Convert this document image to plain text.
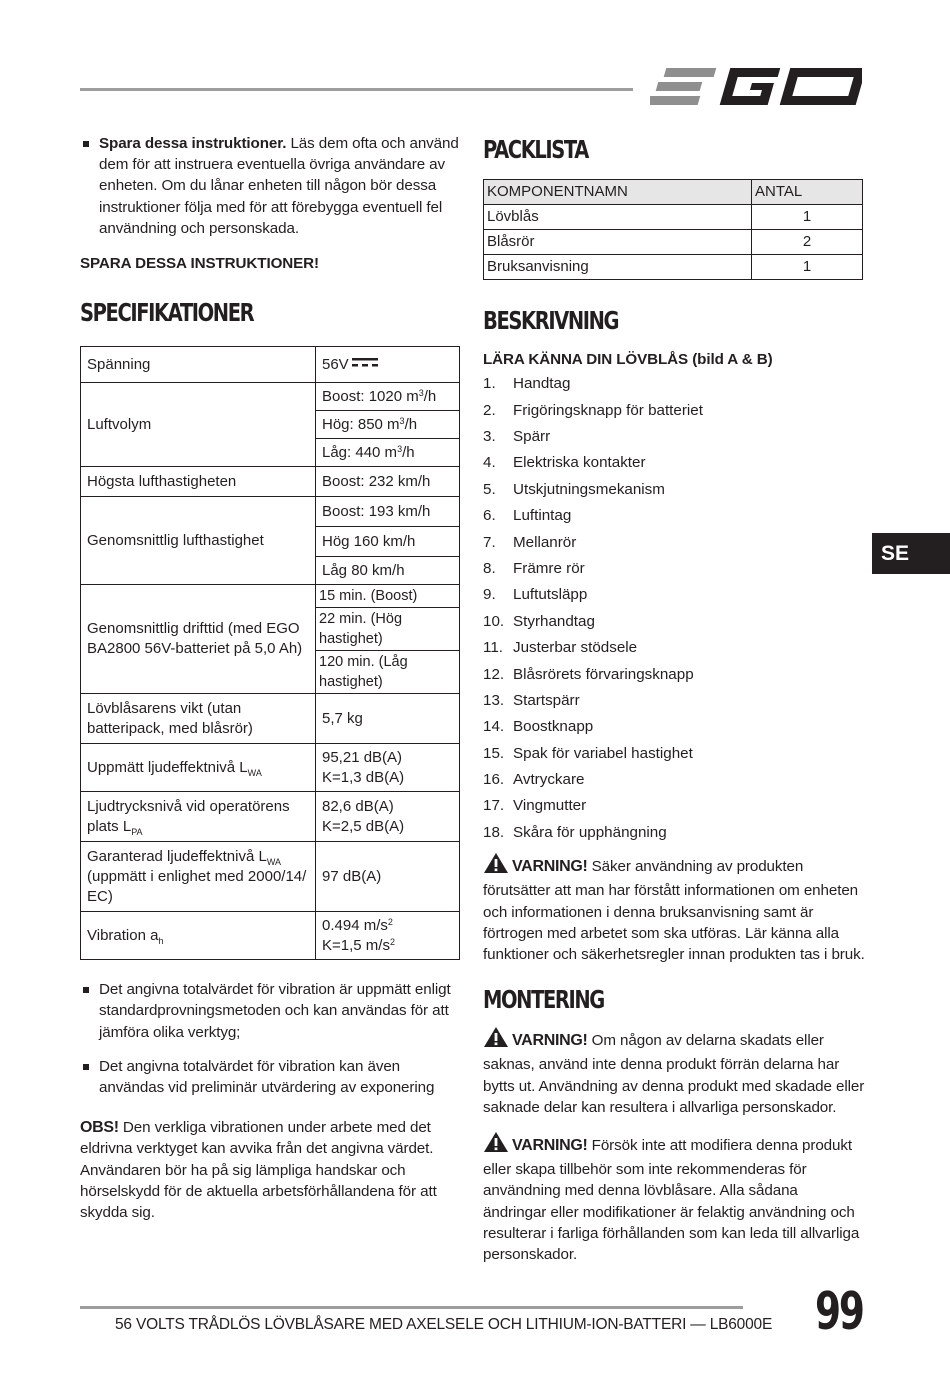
Spara dessa instruktioner. Läs dem ofta och använd dem för att instruera eventuella övriga användare av enheten. Om du lånar enheten till någon bör dessa instruktioner följa med för att förebygga eventuell fel användning och personskada.
SPARA DESSA INSTRUKTIONER!
SPECIFIKATIONER
Spänning	56V
Luftvolym	Boost: 1020 $m^3/h$
	Hög: 850 $m^3/h$
	Låg: 440 $m^3/h$
Högsta lufthastigheten	Boost: 232 km/h
Genomsnittlig lufthastighet	Boost: 193 km/h
	Hög 160 km/h
	Låg 80 km/h
Genomsnittlig drifttid (med EGO BA2800 56V-batteriet på 5,0 Ah)	15 min. (Boost)
	22 min. (Hög hastighet)
	120 min. (Låg hastighet)
Lövblåsarens vikt (utan batteripack, med blåsrör)	5,7 kg
Uppmätt ljudeffektnivå $L_{WA}$	95,21 dB(A)
K=1,3 dB(A)
Ljudtrycksnivå vid operatörens plats $L_{PA}$	82,6 dB(A)
K=2,5 dB(A)
Garanterad ljudeffektnivå $L_{WA}$ (uppmätt i enlighet med 2000/14/ EC)	97 dB(A)
Vibration $a_h$	0.494 $m/s^2$
K=1,5 $m/s^2$
Det angivna totalvärdet för vibration är uppmätt enligt standardprovningsmetoden och kan användas för att jämföra olika verktyg;
Det angivna totalvärdet för vibration kan även användas vid preliminär utvärdering av exponering
OBS! Den verkliga vibrationen under arbete med det eldrivna verktyget kan avvika från det angivna värdet. Användaren bör ha på sig lämpliga handskar och hörselskydd för de aktuella arbetsförhållandena för att skydda sig.
PACKLISTA
KOMPONENTNAMN	ANTAL
Lövblås	1
Blåsrör	2
Bruksanvisning	1
BESKRIVNING
LÄRA KÄNNA DIN LÖVBLÅS (bild A & B)
1.	Handtag
2.	Frigöringsknapp för batteriet
3.	Spärr
4.	Elektriska kontakter
5.	Utskjutningsmekanism
6.	Luftintag
7.	Mellanrör
8.	Främre rör
9.	Luftutsläpp
10. Styrhandtag
11. Justerbar stödsele
12. Blåsrörets förvaringsknapp
13. Startspärr
14. Boostknapp
15. Spak för variabel hastighet
16. Avtryckare
17. Vingmutter
18. Skåra för upphängning
VARNING! Säker användning av produkten förutsätter att man har förstått informationen om enheten och informationen i denna bruksanvisning samt är förtrogen med arbetet som ska utföras. Lär känna alla funktioner och säkerhetsregler innan produkten tas i bruk.
MONTERING
VARNING! Om någon av delarna skadats eller saknas, använd inte denna produkt förrän delarna har bytts ut. Användning av denna produkt med skadade eller saknade delar kan resultera i allvarliga personskador.
VARNING! Försök inte att modifiera denna produkt eller skapa tillbehör som inte rekommenderas för användning med denna lövblåsare. Alla sådana ändringar eller modifikationer är felaktig användning och resulterar i farliga förhållanden som kan leda till allvarliga personskador.
SE
56 VOLTS TRÅDLÖS LÖVBLÅSARE MED AXELSELE OCH LITHIUM-ION-BATTERI — LB6000E 99
